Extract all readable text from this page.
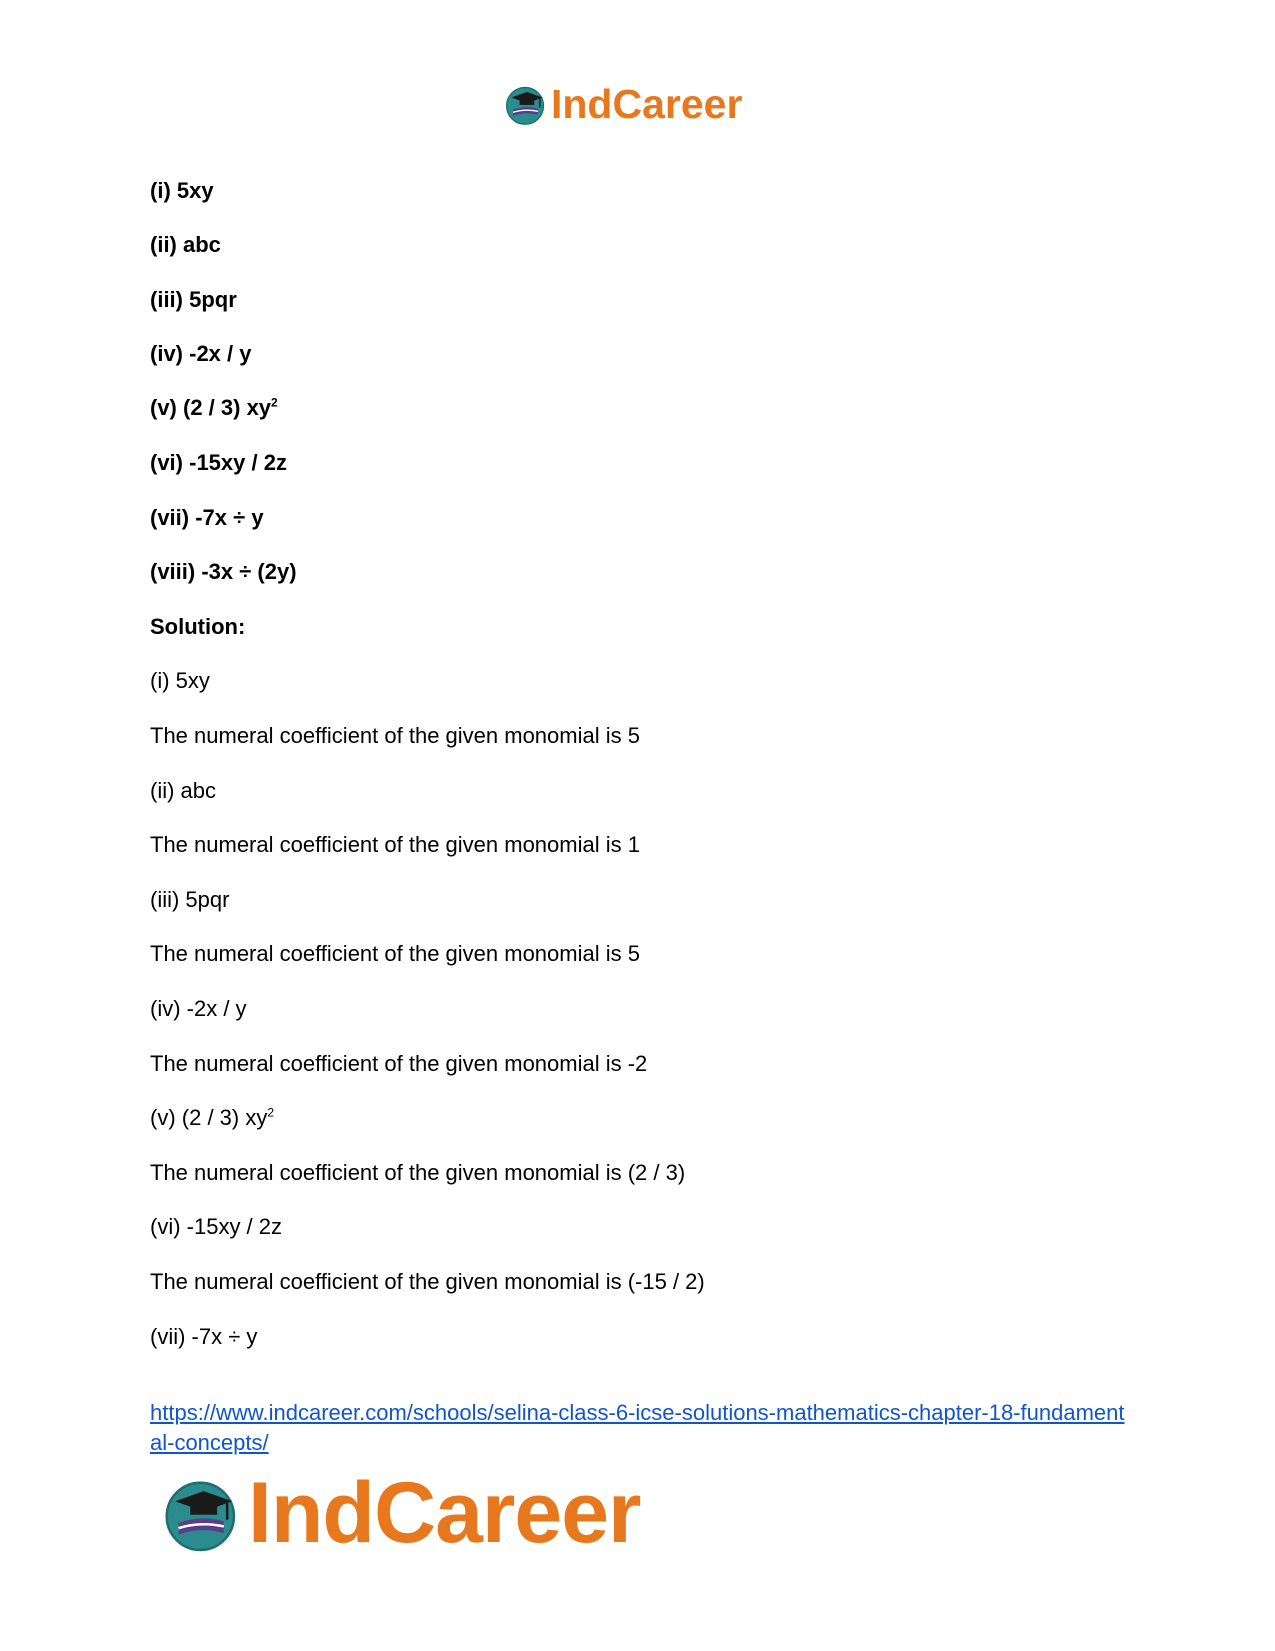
IndCareer
(i) 5xy
(ii) abc
(iii) 5pqr
(iv) -2x / y
(v) (2 / 3) $xy^2$
(vi) -15xy / 2z
(vii) -7x ÷ y
(viii) -3x ÷ (2y)
Solution:
(i) 5xy
The numeral coefficient of the given monomial is 5
(ii) abc
The numeral coefficient of the given monomial is 1
(iii) 5pqr
The numeral coefficient of the given monomial is 5
(iv) -2x / y
The numeral coefficient of the given monomial is -2
(v) (2 / 3) $xy^2$
The numeral coefficient of the given monomial is (2 / 3)
(vi) -15xy / 2z
The numeral coefficient of the given monomial is (-15 / 2)
(vii) -7x ÷ y
https://www.indcareer.com/schools/selina-class-6-icse-solutions-mathematics-chapter-18-fundamental-concepts/
IndCareer
